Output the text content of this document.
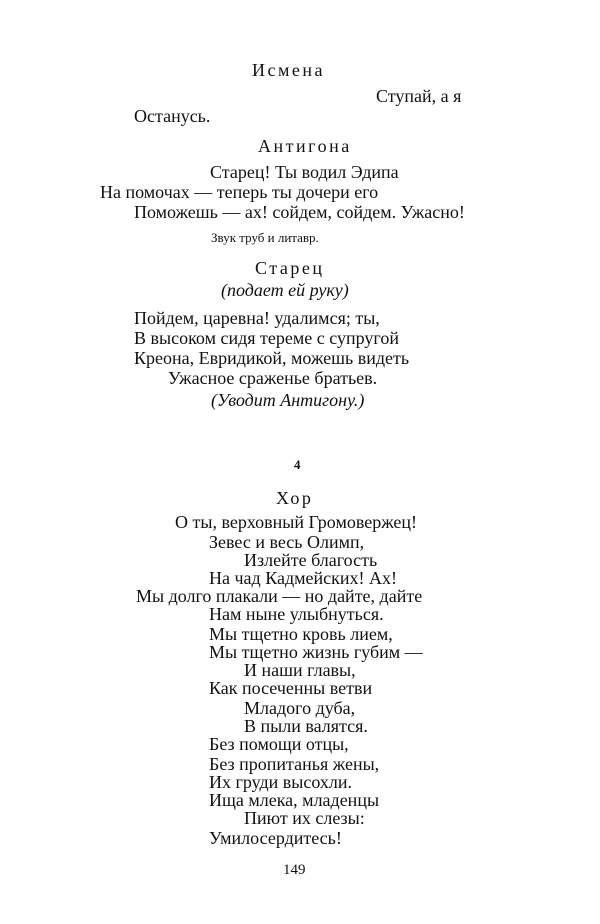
Исмена
Ступай, а я
Останусь.
Антигона
Старец! Ты водил Эдипа
На помочах — теперь ты дочери его
Поможешь — ах! сойдем, сойдем. Ужасно!
Звук труб и литавр.
Старец
(подает ей руку)
Пойдем, царевна! удалимся; ты,
В высоком сидя тереме с супругой
Креона, Евридикой, можешь видеть
Ужасное сраженье братьев.
(Уводит Антигону.)
4
Хор
О ты, верховный Громовержец!
Зевес и весь Олимп,
Излейте благость
На чад Кадмейских! Ах!
Мы долго плакали — но дайте, дайте
Нам ныне улыбнуться.
Мы тщетно кровь лием,
Мы тщетно жизнь губим —
И наши главы,
Как посеченны ветви
Младого дуба,
В пыли валятся.
Без помощи отцы,
Без пропитанья жены,
Их груди высохли.
Ища млека, младенцы
Пиют их слезы:
Умилосердитесь!
149
